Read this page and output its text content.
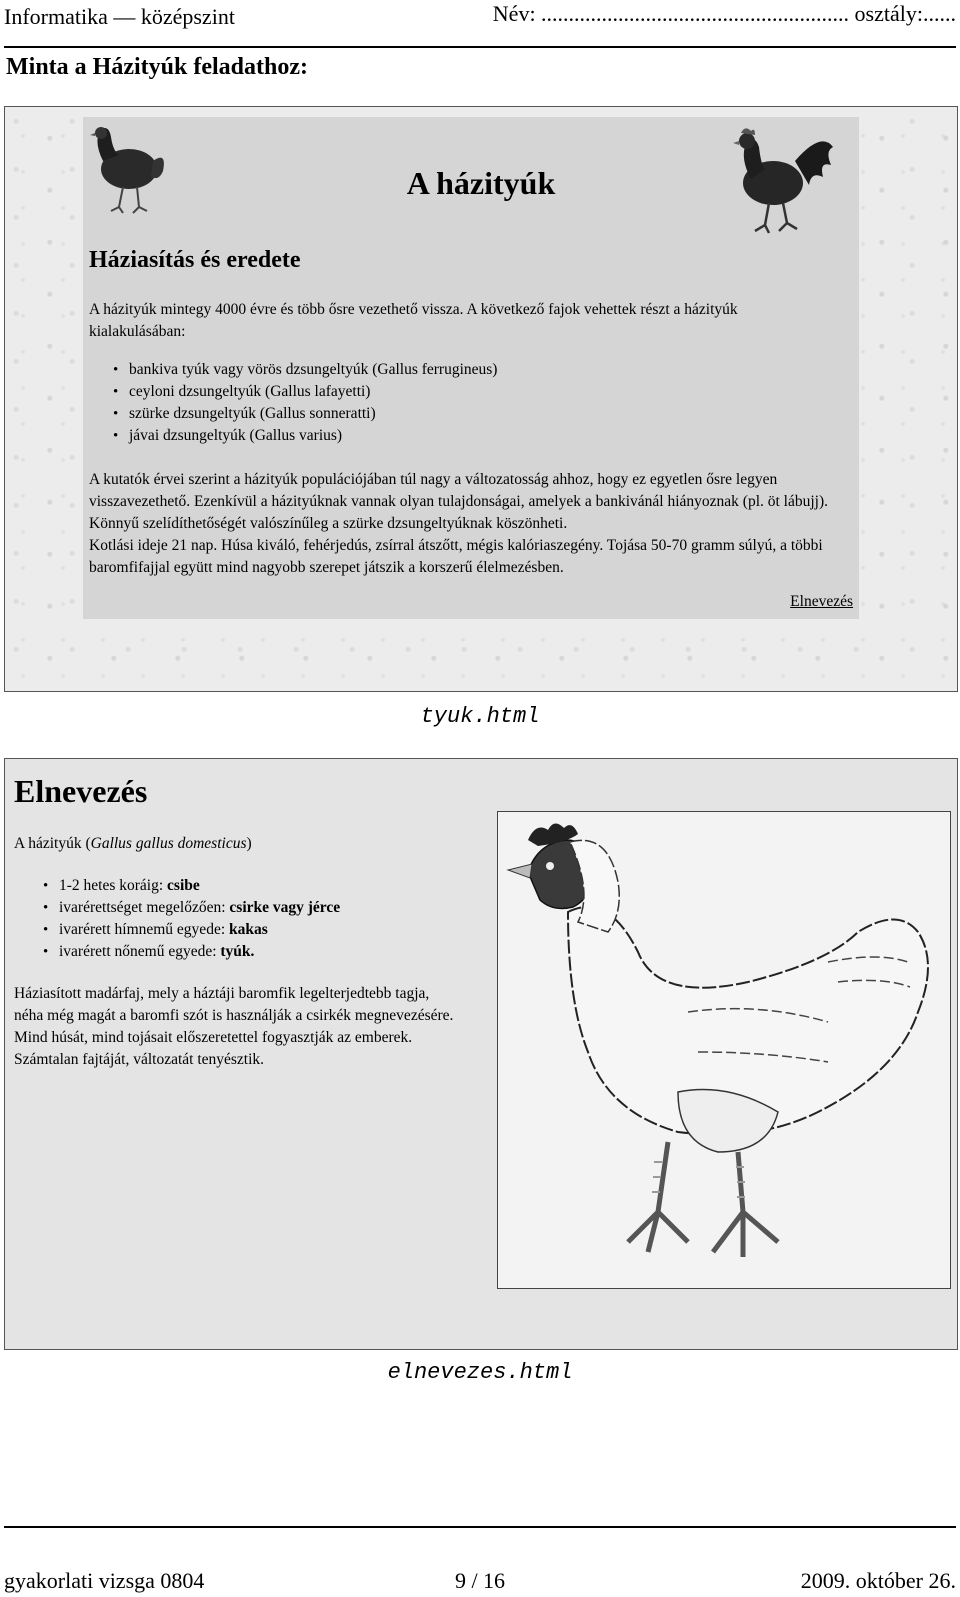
Informatika — középszint	Név: ........................................................ osztály:......
Minta a Házityúk feladathoz:
A házityúk
Háziasítás és eredete
A házityúk mintegy 4000 évre és több ősre vezethető vissza. A következő fajok vehettek részt a házityúk kialakulásában:
• bankiva tyúk vagy vörös dzsungeltyúk (Gallus ferrugineus)
• ceyloni dzsungeltyúk (Gallus lafayetti)
• szürke dzsungeltyúk (Gallus sonneratti)
• jávai dzsungeltyúk (Gallus varius)
A kutatók érvei szerint a házityúk populációjában túl nagy a változatosság ahhoz, hogy ez egyetlen ősre legyen visszavezethető. Ezenkívül a házityúknak vannak olyan tulajdonságai, amelyek a bankivánál hiányoznak (pl. öt lábujj). Könnyű szelídíthetőségét valószínűleg a szürke dzsungeltyúknak köszönheti.
Kotlási ideje 21 nap. Húsa kiváló, fehérjedús, zsírral átszőtt, mégis kalóriaszegény. Tojása 50-70 gramm súlyú, a többi baromfifajjal együtt mind nagyobb szerepet játszik a korszerű élelmezésben.
Elnevezés
tyuk.html
Elnevezés
A házityúk (Gallus gallus domesticus)
• 1-2 hetes koráig: csibe
• ivarérettséget megelőzően: csirke vagy jérce
• ivarérett hímnemű egyede: kakas
• ivarérett nőnemű egyede: tyúk.
Háziasított madárfaj, mely a háztáji baromfik legelterjedtebb tagja,
néha még magát a baromfi szót is használják a csirkék megnevezésére.
Mind húsát, mind tojásait előszeretettel fogyasztják az emberek.
Számtalan fajtáját, változatát tenyésztik.
elnevezes.html
gyakorlati vizsga 0804	9 / 16	2009. október 26.
